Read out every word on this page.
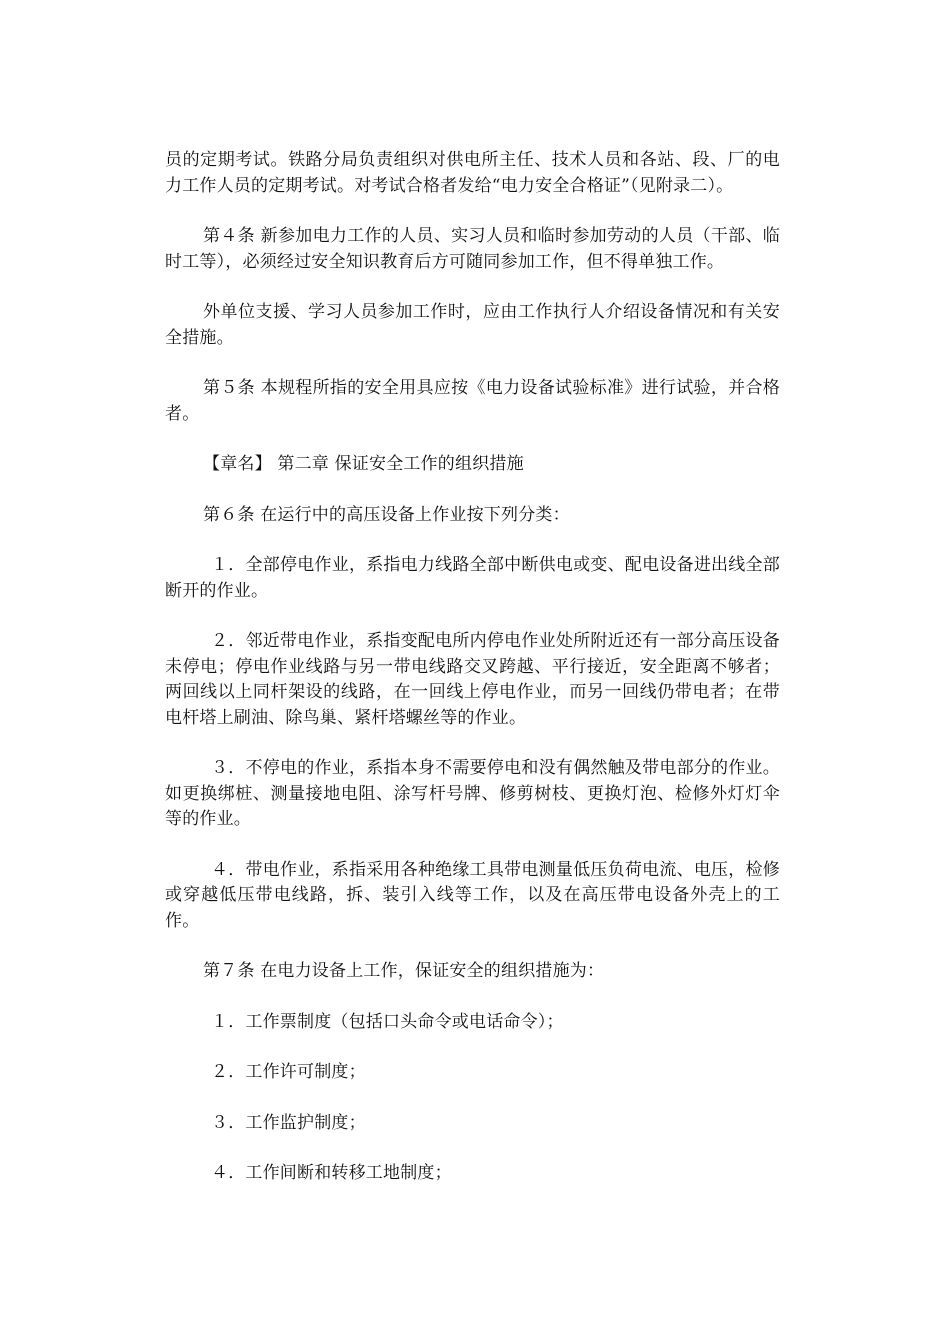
员的定期考试。铁路分局负责组织对供电所主任、技术人员和各站、段、厂的电力工作人员的定期考试。对考试合格者发给“电力安全合格证”（见附录二）。

第４条 新参加电力工作的人员、实习人员和临时参加劳动的人员（干部、临时工等），必须经过安全知识教育后方可随同参加工作，但不得单独工作。

外单位支援、学习人员参加工作时，应由工作执行人介绍设备情况和有关安全措施。

第５条 本规程所指的安全用具应按《电力设备试验标准》进行试验，并合格者。

【章名】 第二章 保证安全工作的组织措施

第６条 在运行中的高压设备上作业按下列分类：

１．全部停电作业，系指电力线路全部中断供电或变、配电设备进出线全部断开的作业。

２．邻近带电作业，系指变配电所内停电作业处所附近还有一部分高压设备未停电；停电作业线路与另一带电线路交叉跨越、平行接近，安全距离不够者；两回线以上同杆架设的线路，在一回线上停电作业，而另一回线仍带电者；在带电杆塔上刷油、除鸟巢、紧杆塔螺丝等的作业。

３．不停电的作业，系指本身不需要停电和没有偶然触及带电部分的作业。如更换绑桩、测量接地电阻、涂写杆号牌、修剪树枝、更换灯泡、检修外灯灯伞等的作业。

４．带电作业，系指采用各种绝缘工具带电测量低压负荷电流、电压，检修或穿越低压带电线路，拆、装引入线等工作，以及在高压带电设备外壳上的工作。

第７条 在电力设备上工作，保证安全的组织措施为：

１．工作票制度（包括口头命令或电话命令）；

２．工作许可制度；

３．工作监护制度；

４．工作间断和转移工地制度；
